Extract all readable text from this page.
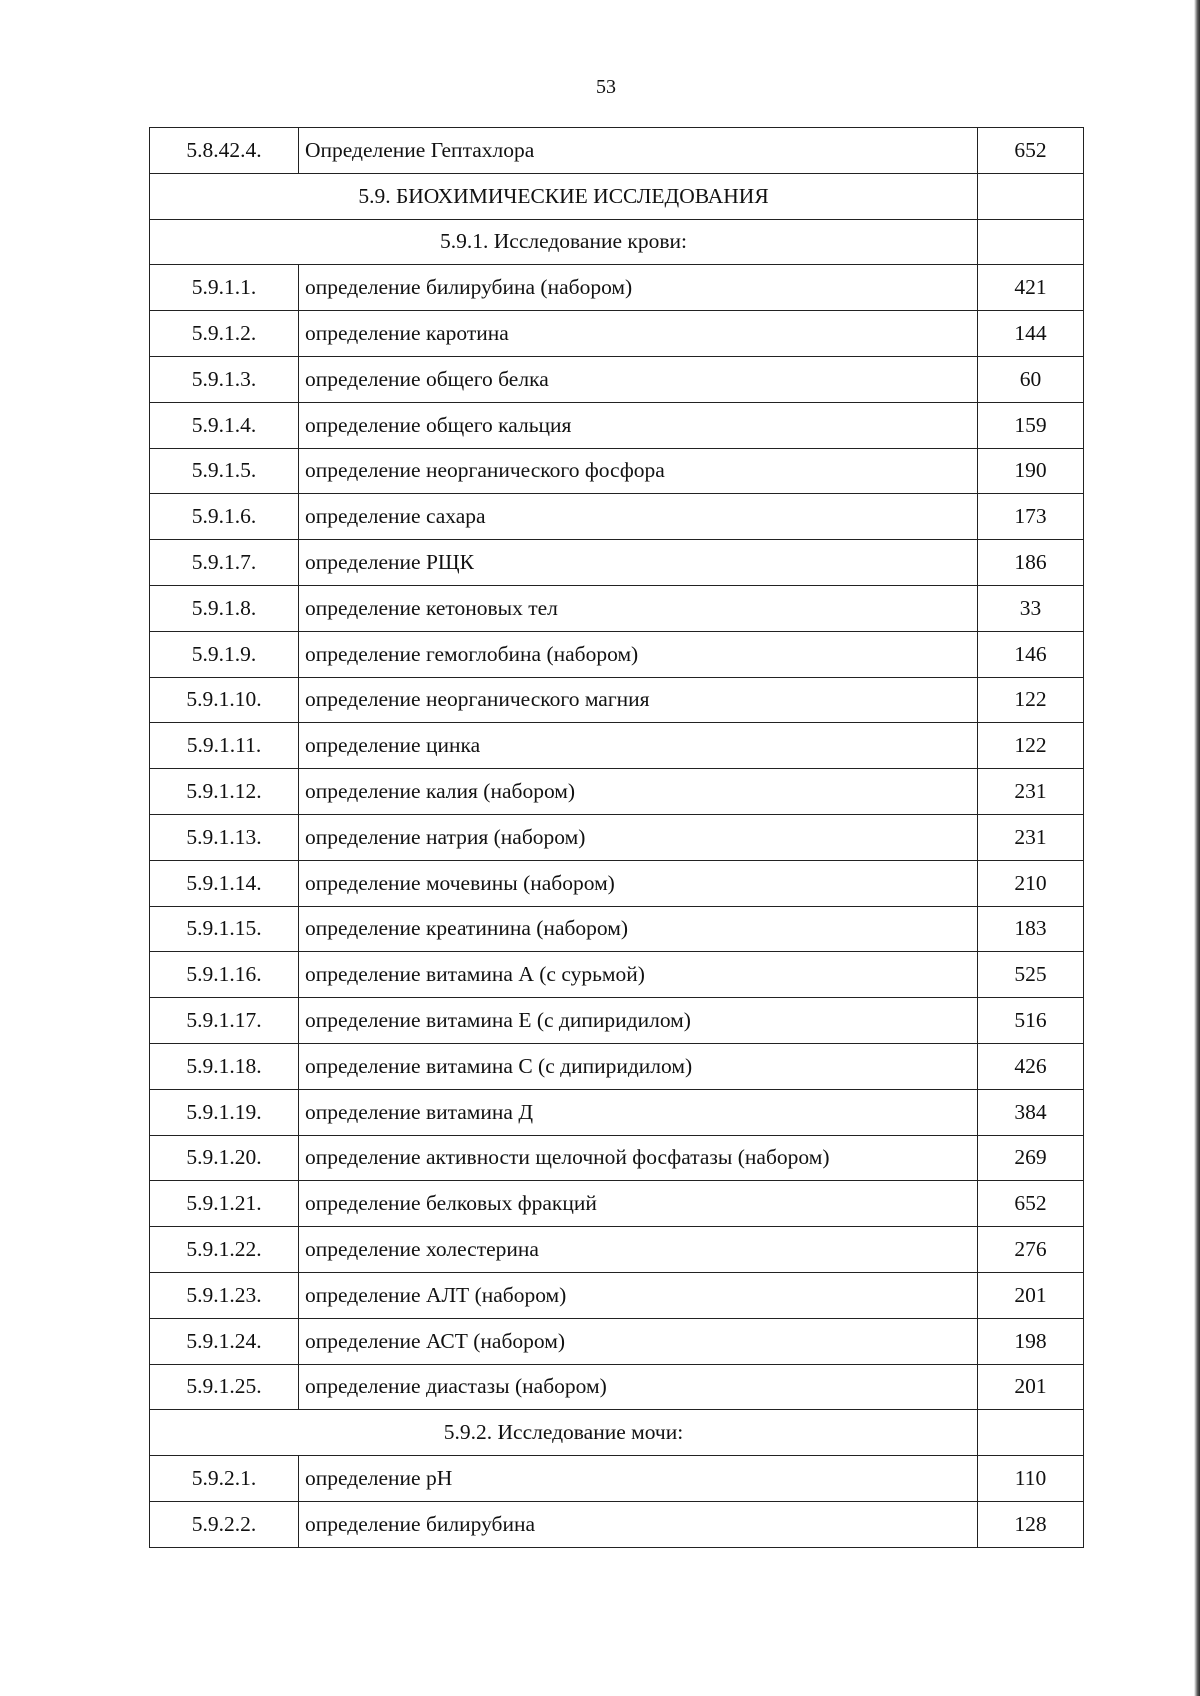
53
5.8.42.4.	Определение Гептахлора	652
5.9. БИОХИМИЧЕСКИЕ ИССЛЕДОВАНИЯ		
5.9.1. Исследование крови:		
5.9.1.1.	определение билирубина (набором)	421
5.9.1.2.	определение каротина	144
5.9.1.3.	определение общего белка	60
5.9.1.4.	определение общего кальция	159
5.9.1.5.	определение неорганического фосфора	190
5.9.1.6.	определение сахара	173
5.9.1.7.	определение РЩК	186
5.9.1.8.	определение кетоновых тел	33
5.9.1.9.	определение гемоглобина (набором)	146
5.9.1.10.	определение неорганического магния	122
5.9.1.11.	определение цинка	122
5.9.1.12.	определение калия (набором)	231
5.9.1.13.	определение натрия (набором)	231
5.9.1.14.	определение мочевины (набором)	210
5.9.1.15.	определение креатинина (набором)	183
5.9.1.16.	определение витамина А (с сурьмой)	525
5.9.1.17.	определение витамина Е (с дипиридилом)	516
5.9.1.18.	определение витамина С (с дипиридилом)	426
5.9.1.19.	определение витамина Д	384
5.9.1.20.	определение активности щелочной фосфатазы (набором)	269
5.9.1.21.	определение белковых фракций	652
5.9.1.22.	определение холестерина	276
5.9.1.23.	определение АЛТ (набором)	201
5.9.1.24.	определение АСТ (набором)	198
5.9.1.25.	определение диастазы (набором)	201
5.9.2. Исследование мочи:		
5.9.2.1.	определение рН	110
5.9.2.2.	определение билирубина	128
